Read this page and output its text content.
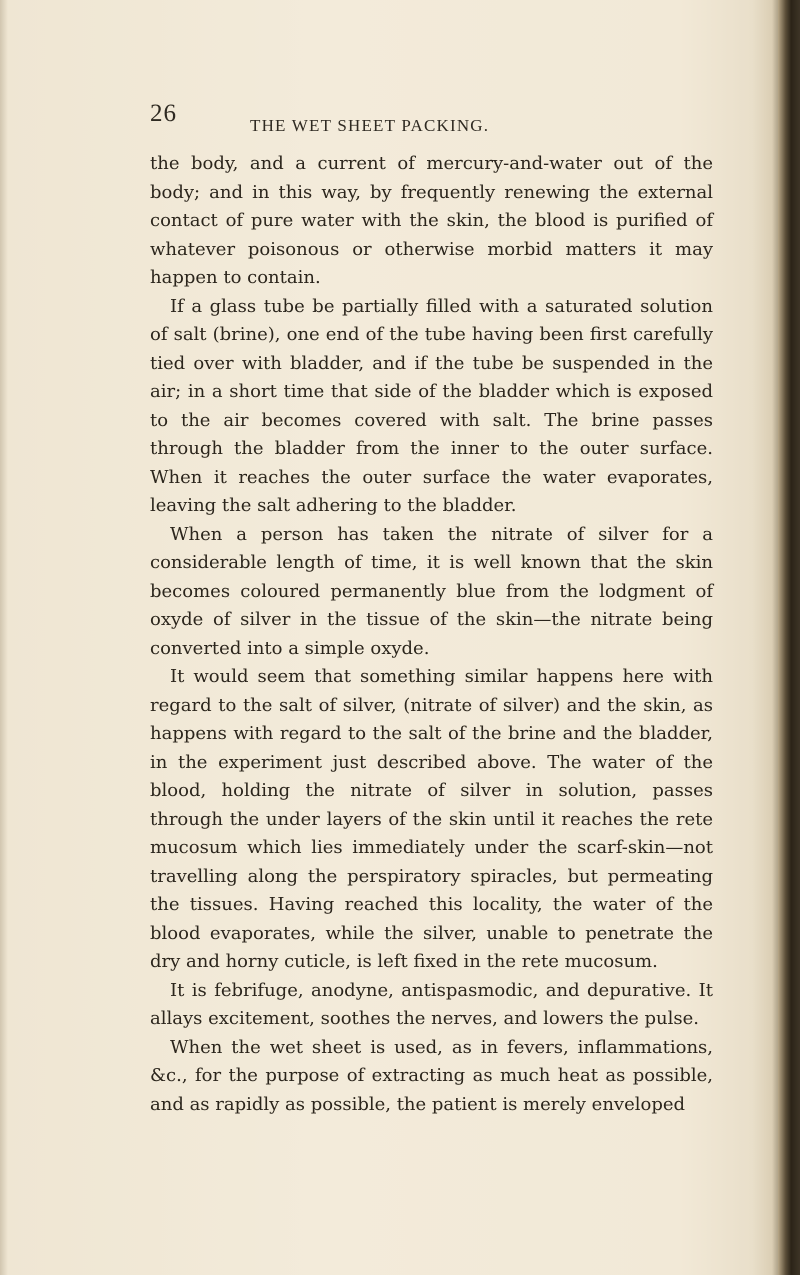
26	THE WET SHEET PACKING.

the body, and a current of mercury-and-water out of the body; and in this way, by frequently renewing the external contact of pure water with the skin, the blood is purified of whatever poisonous or otherwise morbid matters it may happen to contain.

If a glass tube be partially filled with a saturated solution of salt (brine), one end of the tube having been first carefully tied over with bladder, and if the tube be suspended in the air; in a short time that side of the bladder which is exposed to the air becomes covered with salt. The brine passes through the bladder from the inner to the outer surface. When it reaches the outer surface the water evaporates, leaving the salt adhering to the bladder.

When a person has taken the nitrate of silver for a considerable length of time, it is well known that the skin becomes coloured permanently blue from the lodgment of oxyde of silver in the tissue of the skin—the nitrate being converted into a simple oxyde.

It would seem that something similar happens here with regard to the salt of silver, (nitrate of silver) and the skin, as happens with regard to the salt of the brine and the bladder, in the experiment just described above. The water of the blood, holding the nitrate of silver in solution, passes through the under layers of the skin until it reaches the rete mucosum which lies immediately under the scarf-skin—not travelling along the perspiratory spiracles, but permeating the tissues. Having reached this locality, the water of the blood evaporates, while the silver, unable to penetrate the dry and horny cuticle, is left fixed in the rete mucosum.

It is febrifuge, anodyne, antispasmodic, and depurative. It allays excitement, soothes the nerves, and lowers the pulse.

When the wet sheet is used, as in fevers, inflammations, &c., for the purpose of extracting as much heat as possible, and as rapidly as possible, the patient is merely enveloped
